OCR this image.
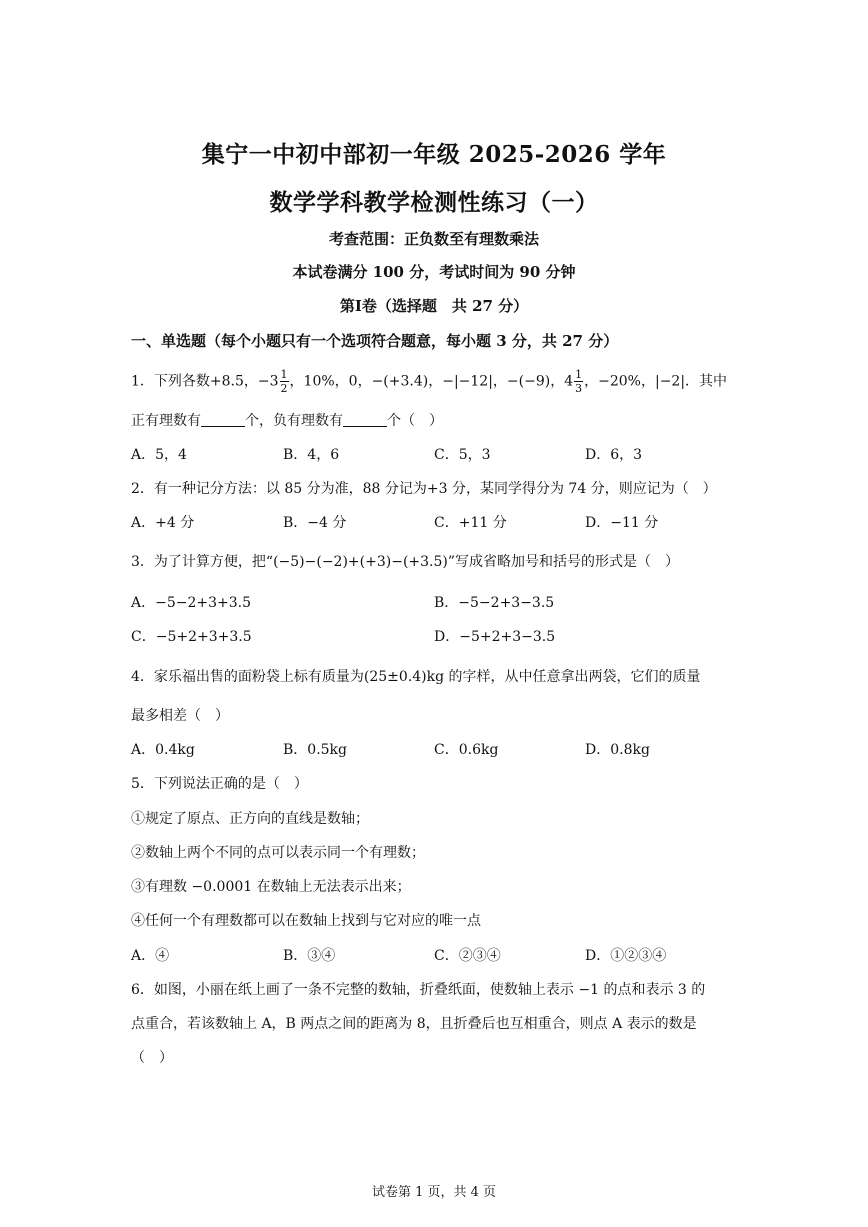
集宁一中初中部初一年级 2025-2026 学年
数学学科教学检测性练习（一）
考查范围：正负数至有理数乘法
本试卷满分 100 分，考试时间为 90 分钟
第Ⅰ卷（选择题　共 27 分）
一、单选题（每个小题只有一个选项符合题意，每小题 3 分，共 27 分）
1．下列各数+8.5，$-3 \frac{1}{2}$ ，10%，0，−(+3.4)，−|−12|，−(−9)，$4 \frac{1}{3}$ ，−20%，|−2|．其中
正有理数有	个，负有理数有	个（　）
A．5，4	B．4，6	C．5，3	D．6，3
2．有一种记分方法：以 85 分为准，88 分记为+3 分，某同学得分为 74 分，则应记为（　）
A．+4 分	B．−4 分	C．+11 分	D．−11 分
3．为了计算方便，把“(−5)−(−2)+(+3)−(+3.5)”写成省略加号和括号的形式是（　）
A．−5−2+3+3.5	B．−5−2+3−3.5
C．−5+2+3+3.5	D．−5+2+3−3.5
4．家乐福出售的面粉袋上标有质量为(25±0.4)kg 的字样，从中任意拿出两袋，它们的质量
最多相差（　）
A．0.4kg	B．0.5kg	C．0.6kg	D．0.8kg
5．下列说法正确的是（　）
①规定了原点、正方向的直线是数轴；
②数轴上两个不同的点可以表示同一个有理数；
③有理数 −0.0001 在数轴上无法表示出来；
④任何一个有理数都可以在数轴上找到与它对应的唯一点
A．④	B．③④	C．②③④	D．①②③④
6．如图，小丽在纸上画了一条不完整的数轴，折叠纸面，使数轴上表示 −1 的点和表示 3 的
点重合，若该数轴上 A，B 两点之间的距离为 8，且折叠后也互相重合，则点 A 表示的数是
（　）
试卷第 1 页，共 4 页
